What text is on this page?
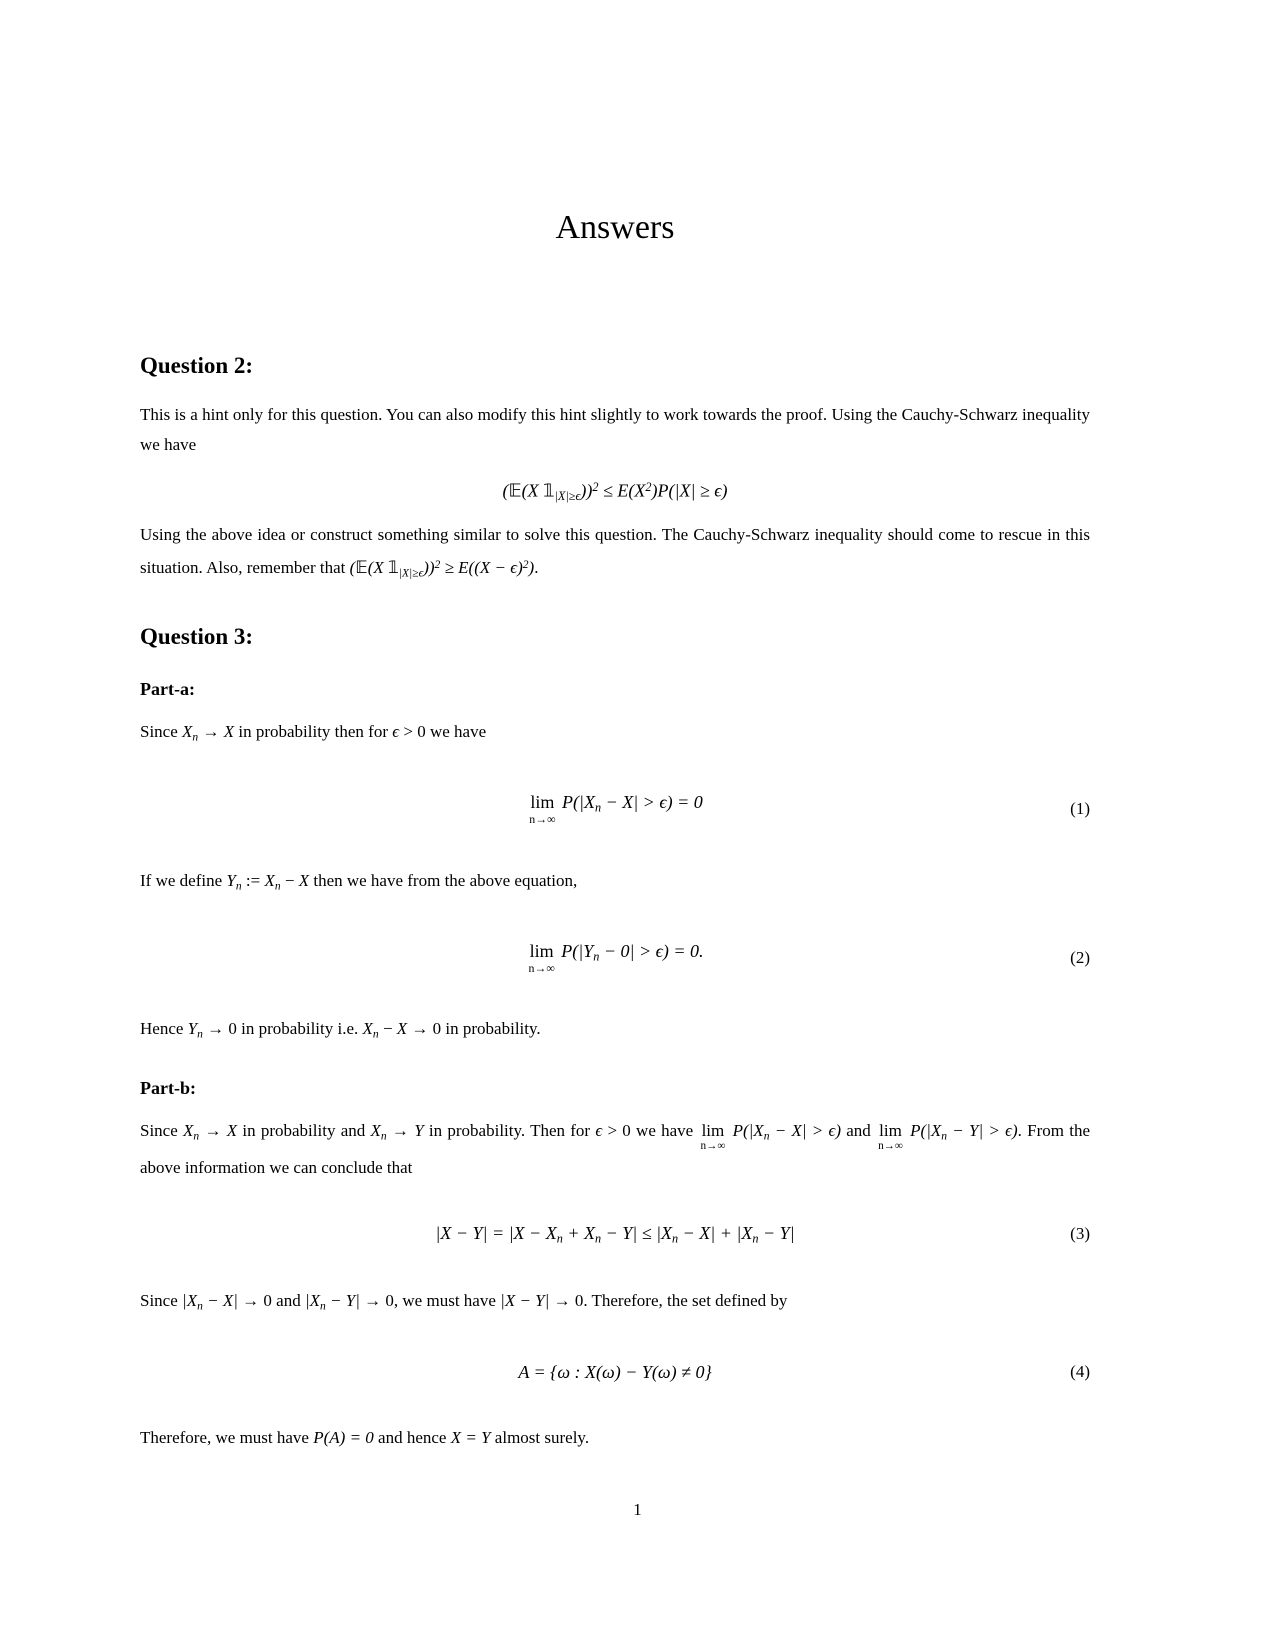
Answers
Question 2:

This is a hint only for this question. You can also modify this hint slightly to work towards the proof. Using the Cauchy-Schwarz inequality we have

(𝔼(X $𝟙_{|X|\ge\epsilon}))^2 \le E(X^2)P(|X| \ge \epsilon)$

Using the above idea or construct something similar to solve this question. The Cauchy-Schwarz inequality should come to rescue in this situation. Also, remember that (𝔼(X $𝟙_{|X|\ge\epsilon}))^2 \ge E((X - \epsilon)^2)$.

Question 3:
Part-a:

Since $X_n \to X$ in probability then for ϵ > 0 we have

lim
n→∞
$P(|X_n - X| > \epsilon) = 0$	(1)

If we define $Y_n$ := $X_n - X$ then we have from the above equation,

lim
n→∞
$P(|Y_n - 0| > \epsilon) = 0$.	(2)

Hence $Y_n \to 0$ in probability i.e. $X_n - X \to 0$ in probability.

Part-b:

Since $X_n \to X$ in probability and $X_n \to Y$ in probability. Then for ϵ > 0 we have lim
n→∞
$P(|X_n - X| > \epsilon)$ and lim
n→∞
$P(|X_n - Y| > \epsilon)$. From the above information we can conclude that

$|X - Y| = |X - X_n + X_n - Y| \le |X_n - X| + |X_n - Y|$	(3)

Since $|X_n - X| \to 0$ and $|X_n - Y| \to 0$, we must have |X − Y| → 0. Therefore, the set defined by

A = {ω : X(ω) − Y(ω) ≠ 0}	(4)

Therefore, we must have P(A) = 0 and hence X = Y almost surely.

1
